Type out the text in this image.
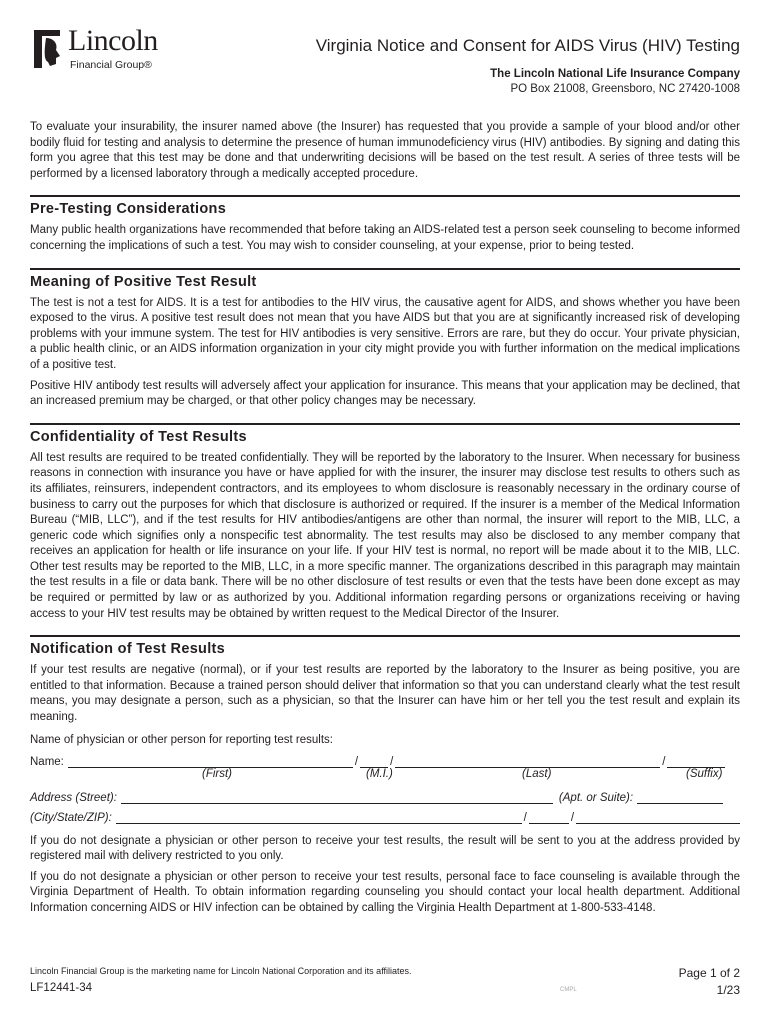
Lincoln
Financial Group®
Virginia Notice and Consent for AIDS Virus (HIV) Testing
The Lincoln National Life Insurance Company
PO Box 21008, Greensboro, NC 27420-1008

To evaluate your insurability, the insurer named above (the Insurer) has requested that you provide a sample of your blood and/or other bodily fluid for testing and analysis to determine the presence of human immunodeficiency virus (HIV) antibodies. By signing and dating this form you agree that this test may be done and that underwriting decisions will be based on the test result. A series of three tests will be performed by a licensed laboratory through a medically accepted procedure.

Pre-Testing Considerations

Many public health organizations have recommended that before taking an AIDS-related test a person seek counseling to become informed concerning the implications of such a test. You may wish to consider counseling, at your expense, prior to being tested.

Meaning of Positive Test Result

The test is not a test for AIDS. It is a test for antibodies to the HIV virus, the causative agent for AIDS, and shows whether you have been exposed to the virus. A positive test result does not mean that you have AIDS but that you are at significantly increased risk of developing problems with your immune system. The test for HIV antibodies is very sensitive. Errors are rare, but they do occur. Your private physician, a public health clinic, or an AIDS information organization in your city might provide you with further information on the medical implications of a positive test.

Positive HIV antibody test results will adversely affect your application for insurance. This means that your application may be declined, that an increased premium may be charged, or that other policy changes may be necessary.

Confidentiality of Test Results

All test results are required to be treated confidentially. They will be reported by the laboratory to the Insurer. When necessary for business reasons in connection with insurance you have or have applied for with the insurer, the insurer may disclose test results to others such as its affiliates, reinsurers, independent contractors, and its employees to whom disclosure is reasonably necessary in the ordinary course of business to carry out the purposes for which that disclosure is authorized or required. If the insurer is a member of the Medical Information Bureau (“MIB, LLC”), and if the test results for HIV antibodies/antigens are other than normal, the insurer will report to the MIB, LLC, a generic code which signifies only a nonspecific test abnormality. The test results may also be disclosed to any member company that receives an application for health or life insurance on your life. If your HIV test is normal, no report will be made about it to the MIB, LLC. Other test results may be reported to the MIB, LLC, in a more specific manner. The organizations described in this paragraph may maintain the test results in a file or data bank. There will be no other disclosure of test results or even that the tests have been done except as may be required or permitted by law or as authorized by you. Additional information regarding persons or organizations receiving or having access to your HIV test results may be obtained by written request to the Medical Director of the Insurer.

Notification of Test Results

If your test results are negative (normal), or if your test results are reported by the laboratory to the Insurer as being positive, you are entitled to that information. Because a trained person should deliver that information so that you can understand clearly what the test result means, you may designate a person, such as a physician, so that the Insurer can have him or her tell you the test result and explain its meaning.

Name of physician or other person for reporting test results:
Name:	/	/	/
(First)	(M.I.)	(Last)	(Suffix)
Address (Street):	(Apt. or Suite):
(City/State/ZIP):	/	/

If you do not designate a physician or other person to receive your test results, the result will be sent to you at the address provided by registered mail with delivery restricted to you only.

If you do not designate a physician or other person to receive your test results, personal face to face counseling is available through the Virginia Department of Health. To obtain information regarding counseling you should contact your local health department. Additional Information concerning AIDS or HIV infection can be obtained by calling the Virginia Health Department at 1-800-533-4148.

Lincoln Financial Group is the marketing name for Lincoln National Corporation and its affiliates.
LF12441-34	CMPL
Page 1 of 2
1/23
